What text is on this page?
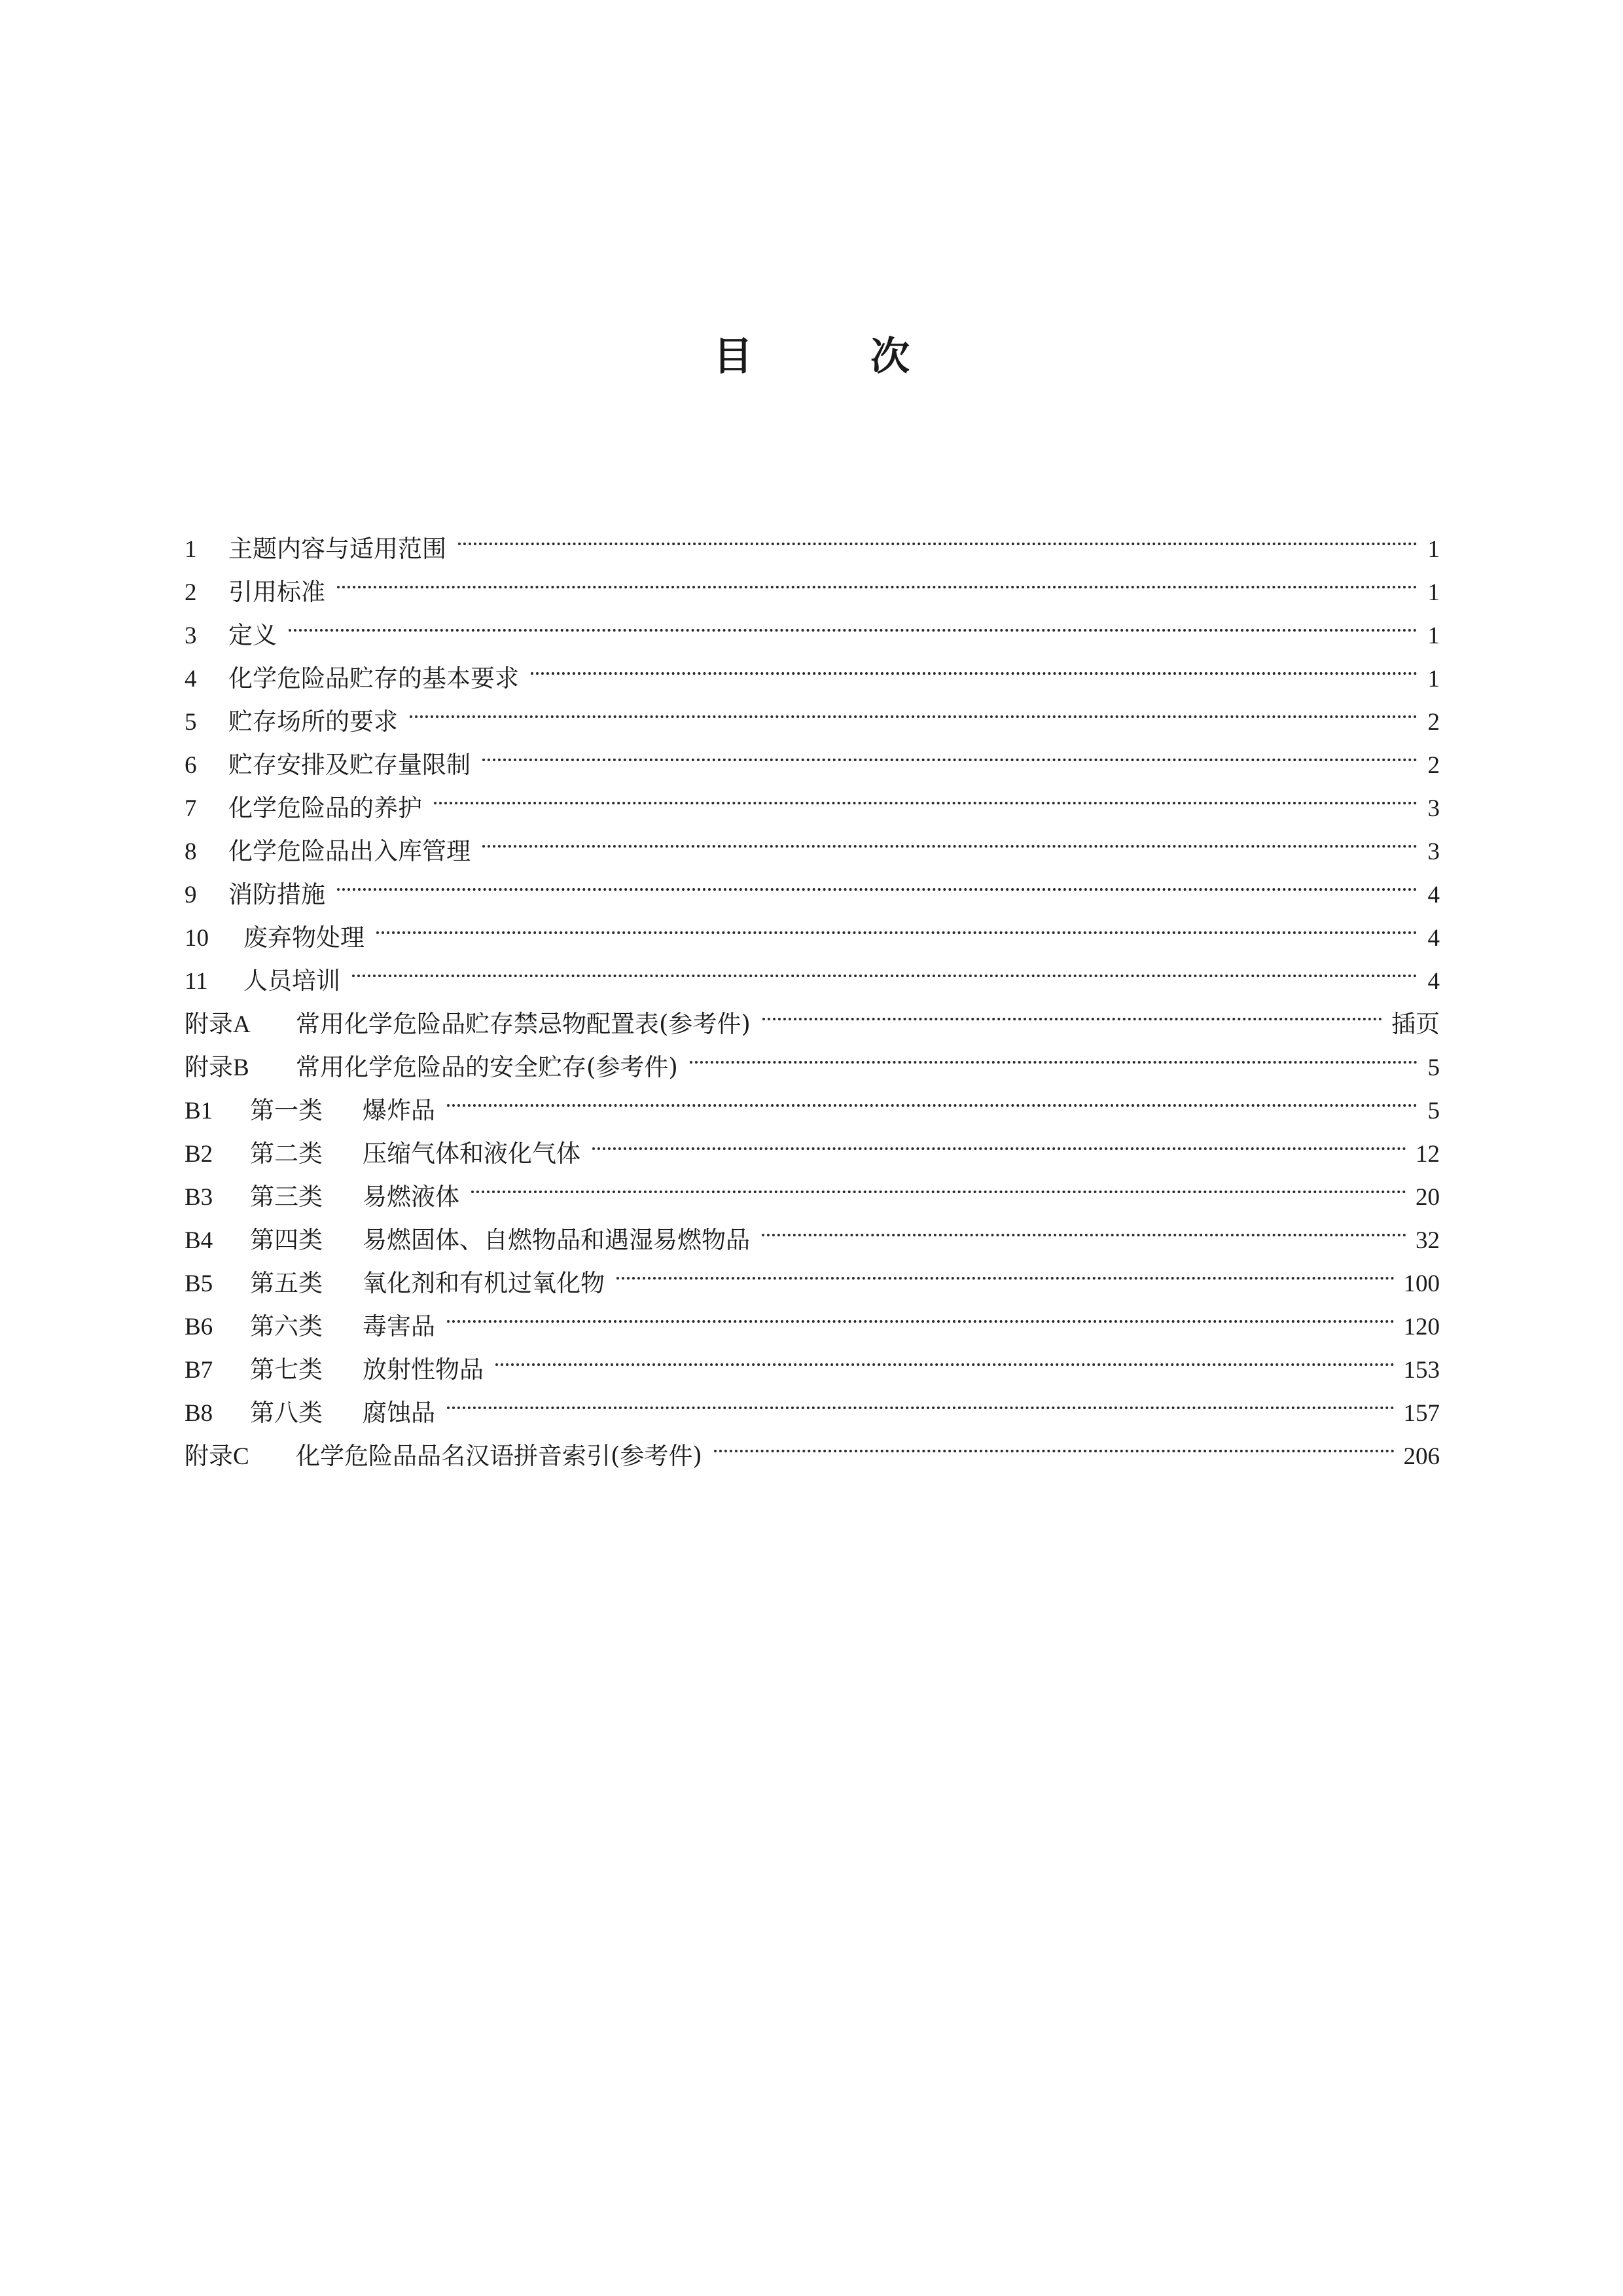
目	次
1	主题内容与适用范围	1
2	引用标准	1
3	定义	1
4	化学危险品贮存的基本要求	1
5	贮存场所的要求	2
6	贮存安排及贮存量限制	2
7	化学危险品的养护	3
8	化学危险品出入库管理	3
9	消防措施	4
10	废弃物处理	4
11	人员培训	4
附录A	常用化学危险品贮存禁忌物配置表(参考件)	插页
附录B	常用化学危险品的安全贮存(参考件)	5
B1	第一类	爆炸品	5
B2	第二类	压缩气体和液化气体	12
B3	第三类	易燃液体	20
B4	第四类	易燃固体、自燃物品和遇湿易燃物品	32
B5	第五类	氧化剂和有机过氧化物	100
B6	第六类	毒害品	120
B7	第七类	放射性物品	153
B8	第八类	腐蚀品	157
附录C	化学危险品品名汉语拼音索引(参考件)	206
